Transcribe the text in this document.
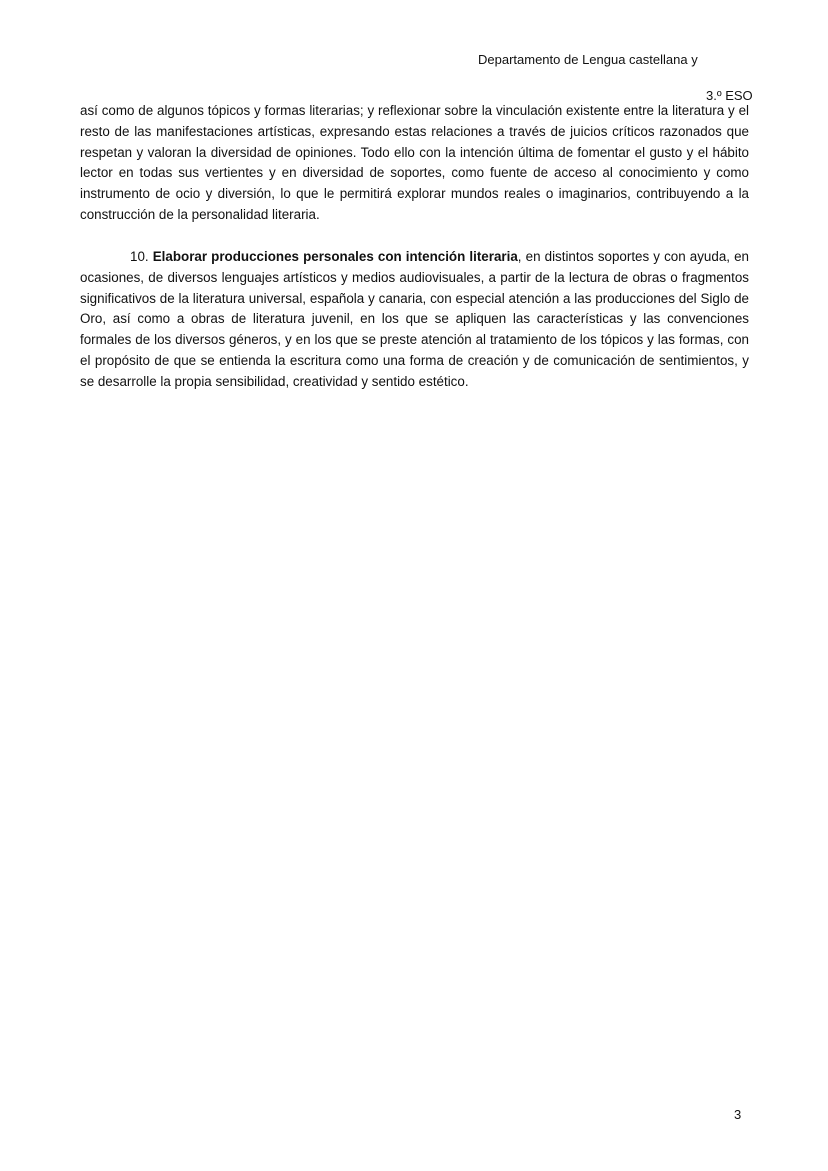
Departamento de Lengua castellana y
3.º ESO

así como de algunos tópicos y formas literarias; y reflexionar sobre la vinculación existente entre la literatura y el resto de las manifestaciones artísticas, expresando estas relaciones a través de juicios críticos razonados que respetan y valoran la diversidad de opiniones. Todo ello con la intención última de fomentar el gusto y el hábito lector en todas sus vertientes y en diversidad de soportes, como fuente de acceso al conocimiento y como instrumento de ocio y diversión, lo que le permitirá explorar mundos reales o imaginarios, contribuyendo a la construcción de la personalidad literaria.

10. Elaborar producciones personales con intención literaria, en distintos soportes y con ayuda, en ocasiones, de diversos lenguajes artísticos y medios audiovisuales, a partir de la lectura de obras o fragmentos significativos de la literatura universal, española y canaria, con especial atención a las producciones del Siglo de Oro, así como a obras de literatura juvenil, en los que se apliquen las características y las convenciones formales de los diversos géneros, y en los que se preste atención al tratamiento de los tópicos y las formas, con el propósito de que se entienda la escritura como una forma de creación y de comunicación de sentimientos, y se desarrolle la propia sensibilidad, creatividad y sentido estético.

3
